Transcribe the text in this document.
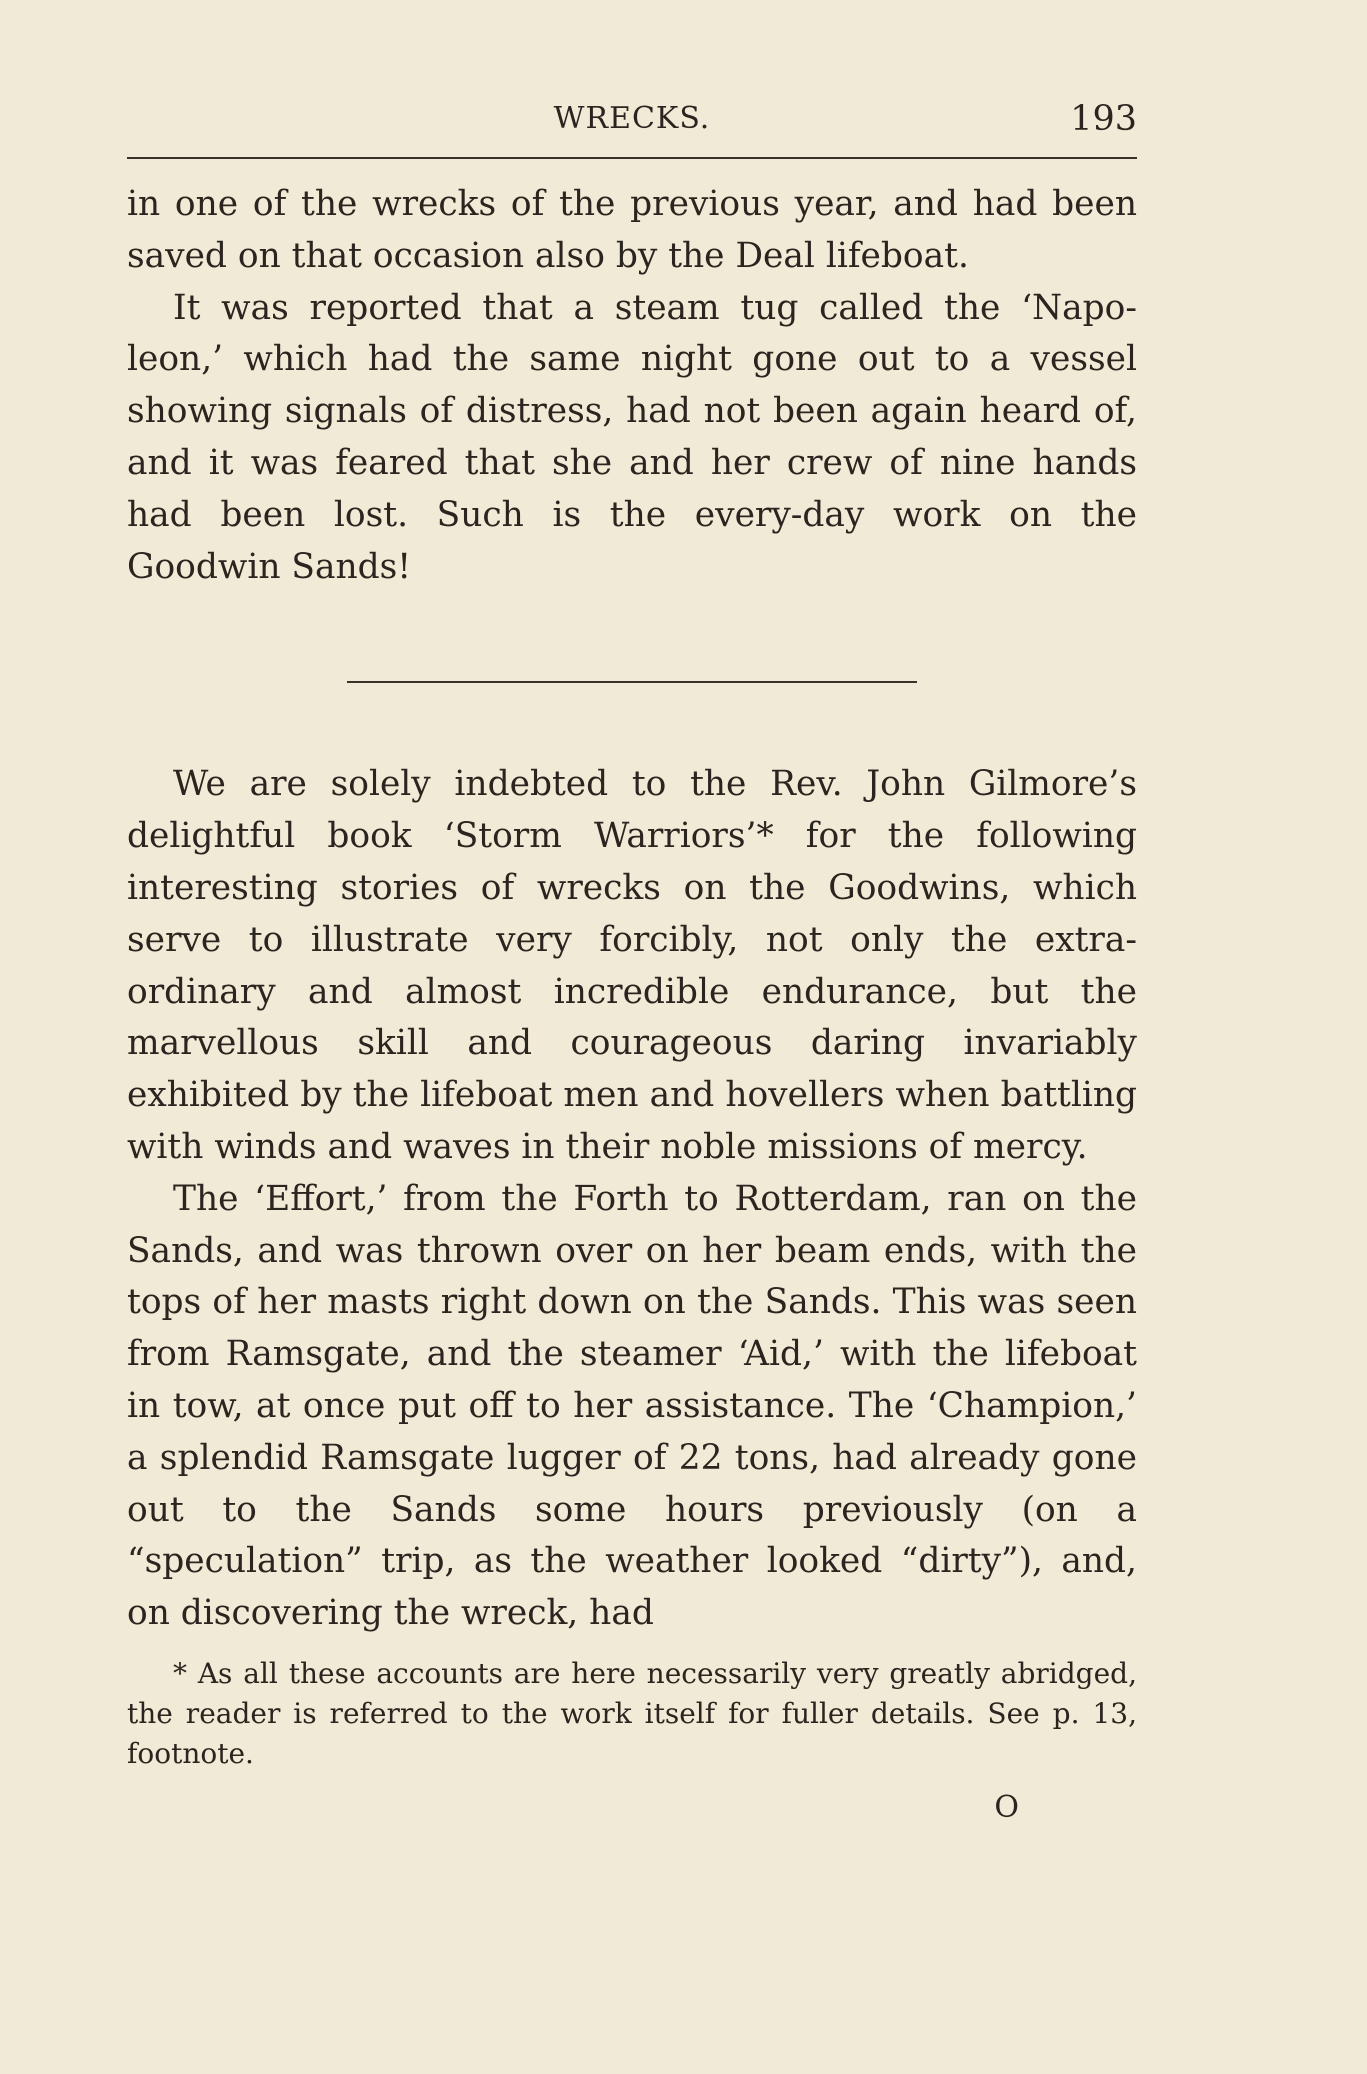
WRECKS.	193

in one of the wrecks of the previous year, and had been saved on that occasion also by the Deal lifeboat.

It was reported that a steam tug called the ‘Napo- leon,’ which had the same night gone out to a vessel showing signals of distress, had not been again heard of, and it was feared that she and her crew of nine hands had been lost. Such is the every-day work on the Goodwin Sands!

We are solely indebted to the Rev. John Gilmore’s delightful book ‘Storm Warriors’* for the following interesting stories of wrecks on the Goodwins, which serve to illustrate very forcibly, not only the extra- ordinary and almost incredible endurance, but the marvellous skill and courageous daring invariably exhibited by the lifeboat men and hovellers when battling with winds and waves in their noble missions of mercy.

The ‘Effort,’ from the Forth to Rotterdam, ran on the Sands, and was thrown over on her beam ends, with the tops of her masts right down on the Sands. This was seen from Ramsgate, and the steamer ‘Aid,’ with the lifeboat in tow, at once put off to her assistance. The ‘Champion,’ a splendid Ramsgate lugger of 22 tons, had already gone out to the Sands some hours previously (on a “speculation” trip, as the weather looked “dirty”), and, on discovering the wreck, had

* As all these accounts are here necessarily very greatly abridged, the reader is referred to the work itself for fuller details. See p. 13, footnote.
O
